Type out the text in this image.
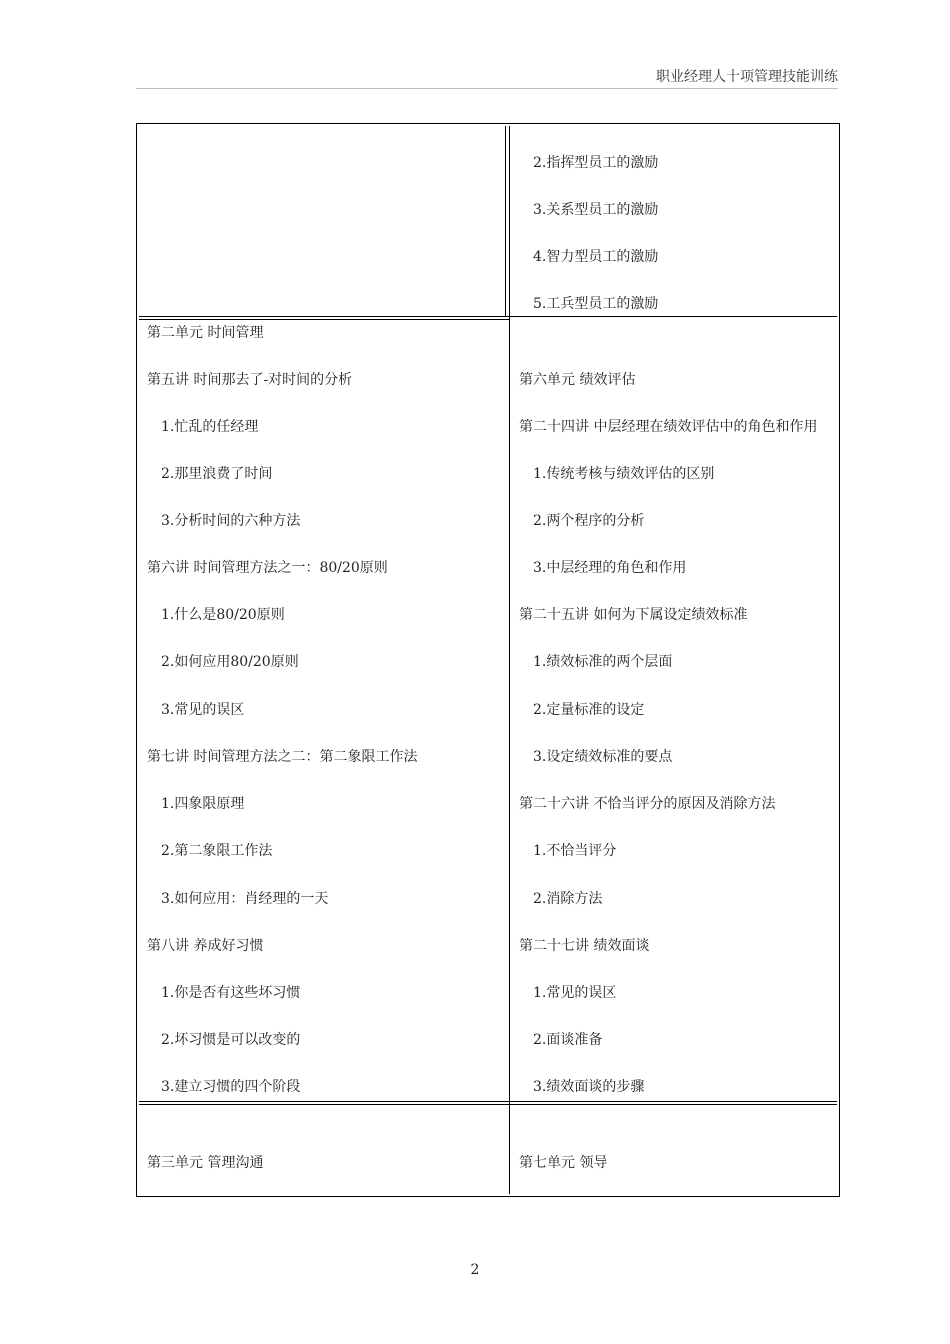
职业经理人十项管理技能训练
2.指挥型员工的激励
3.关系型员工的激励
4.智力型员工的激励
5.工兵型员工的激励
第二单元 时间管理
第五讲 时间那去了-对时间的分析
1.忙乱的任经理
2.那里浪费了时间
3.分析时间的六种方法
第六讲 时间管理方法之一：80/20原则
1.什么是80/20原则
2.如何应用80/20原则
3.常见的误区
第七讲 时间管理方法之二：第二象限工作法
1.四象限原理
2.第二象限工作法
3.如何应用：肖经理的一天
第八讲 养成好习惯
1.你是否有这些坏习惯
2.坏习惯是可以改变的
3.建立习惯的四个阶段
第六单元 绩效评估
第二十四讲 中层经理在绩效评估中的角色和作用
1.传统考核与绩效评估的区别
2.两个程序的分析
3.中层经理的角色和作用
第二十五讲 如何为下属设定绩效标准
1.绩效标准的两个层面
2.定量标准的设定
3.设定绩效标准的要点
第二十六讲 不恰当评分的原因及消除方法
1.不恰当评分
2.消除方法
第二十七讲 绩效面谈
1.常见的误区
2.面谈准备
3.绩效面谈的步骤
第三单元 管理沟通	第七单元 领导
2
